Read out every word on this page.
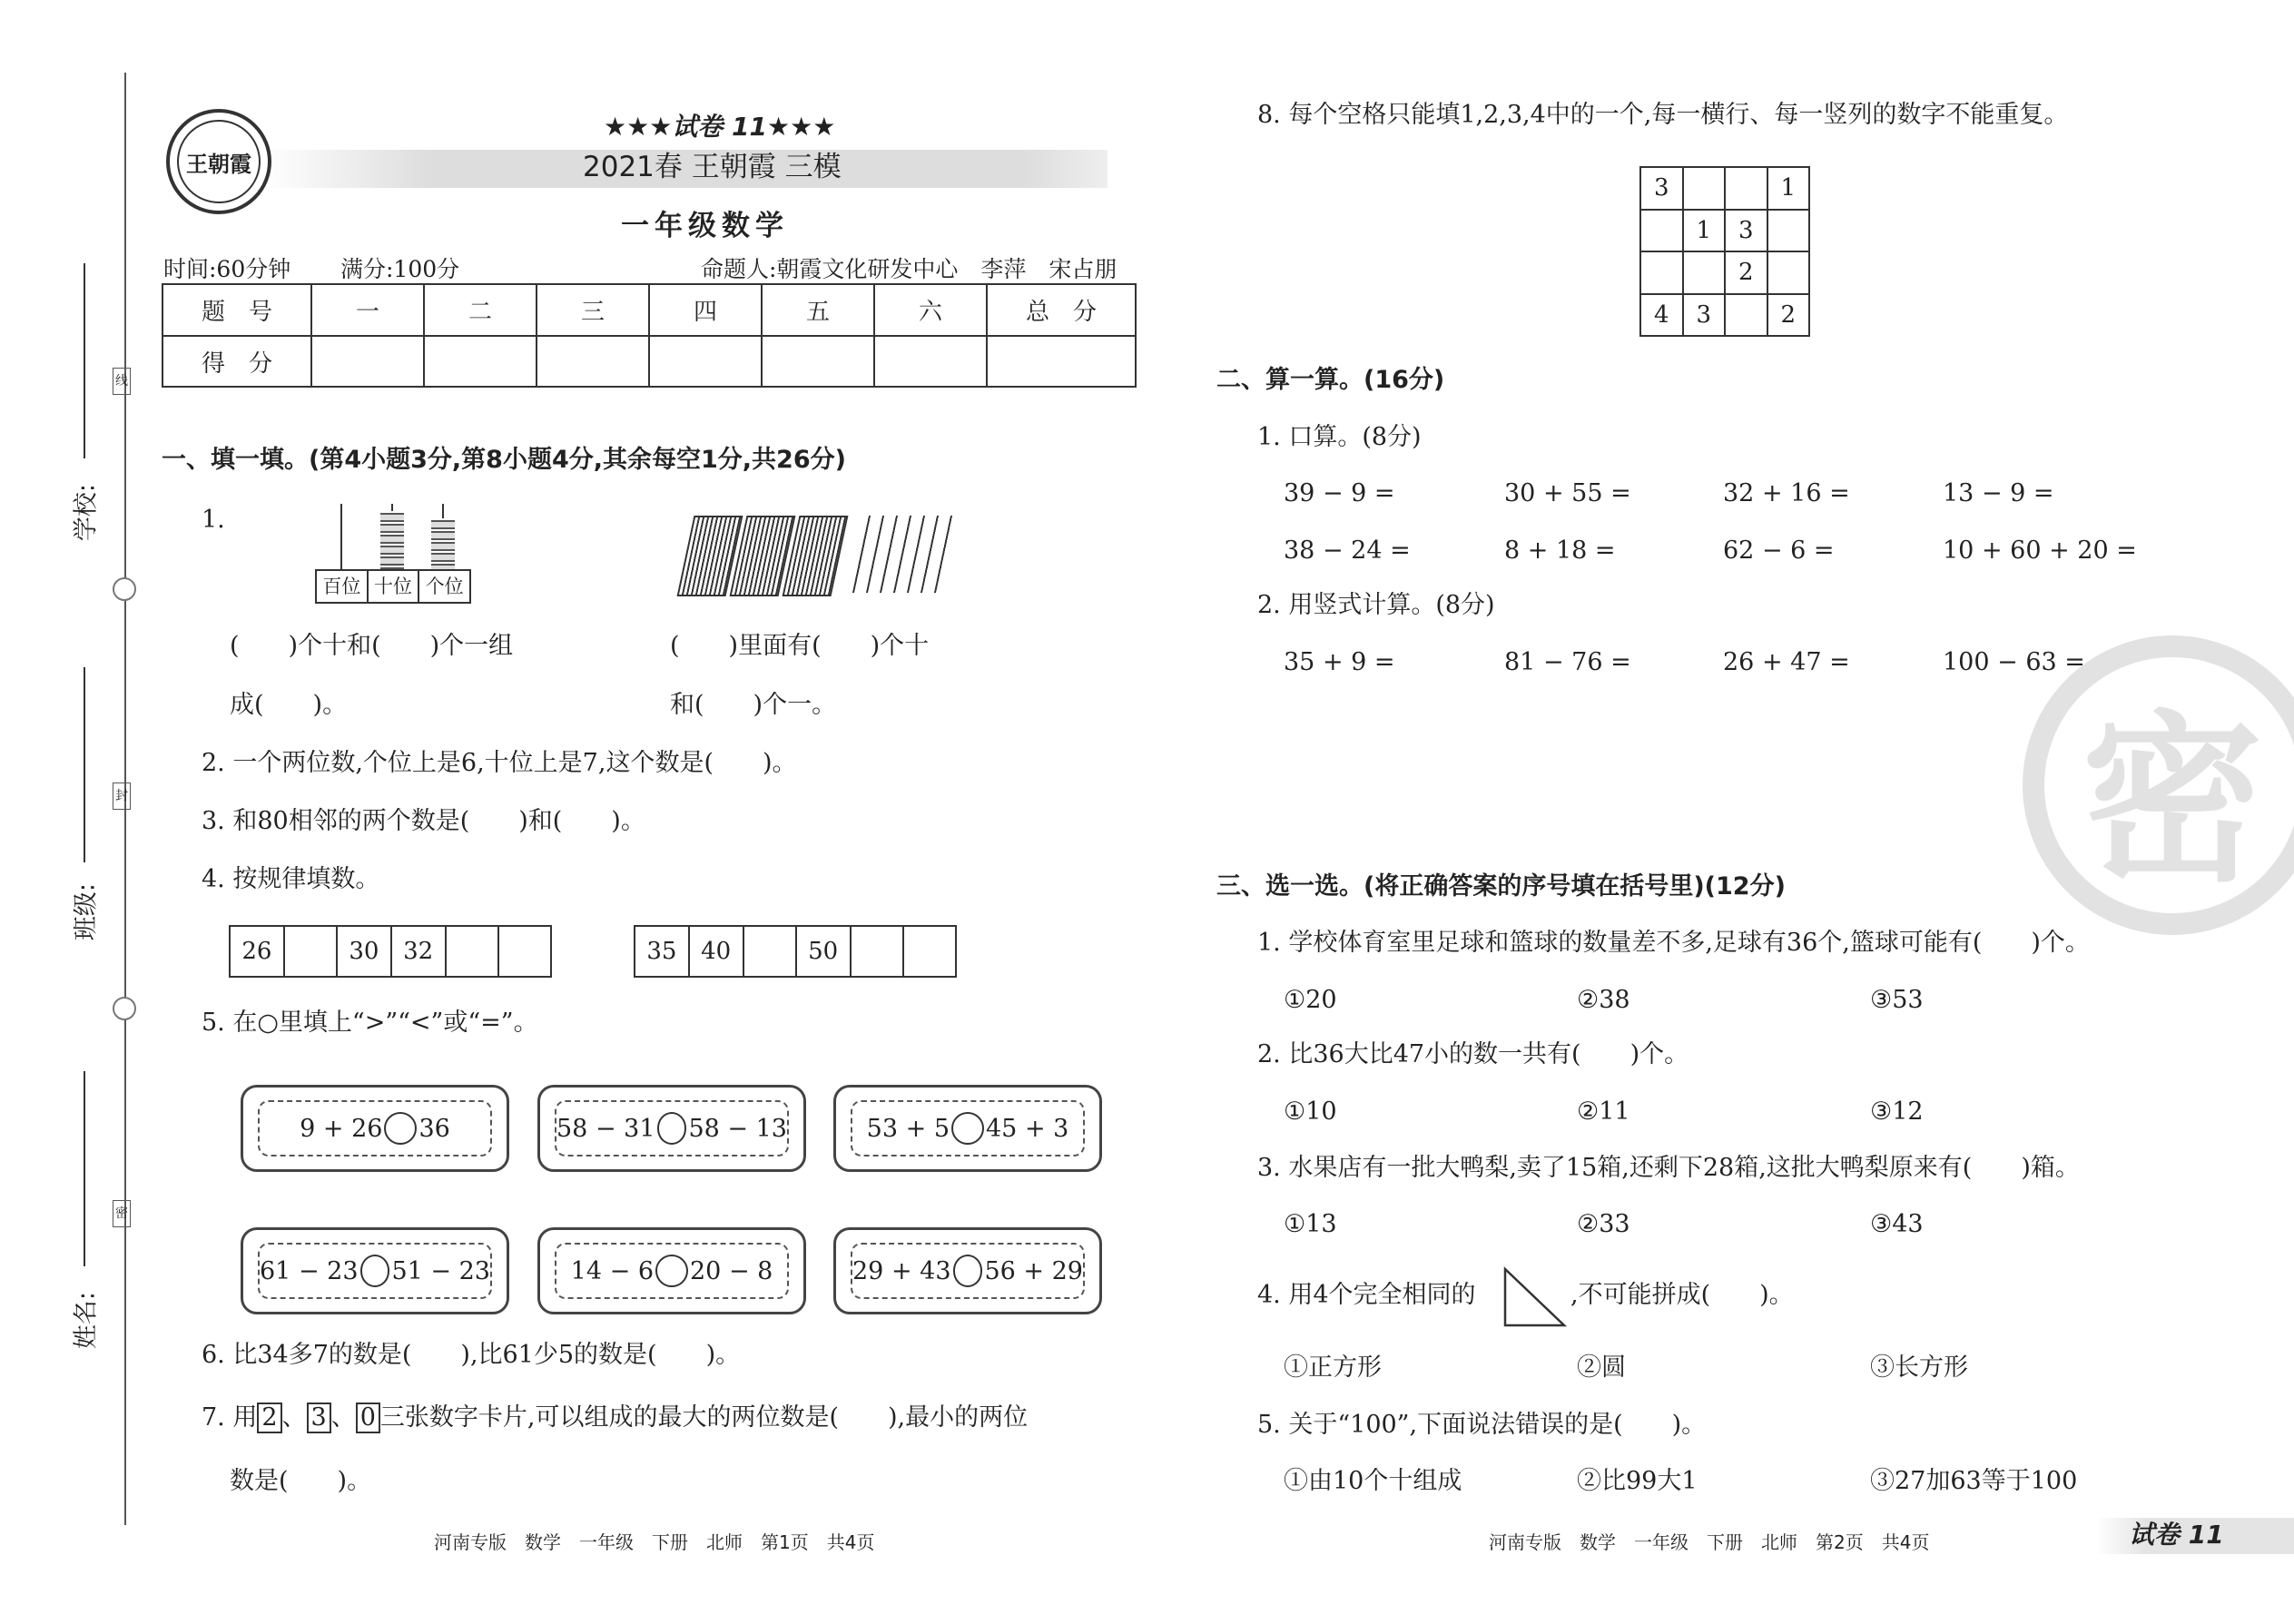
线
封
密
学校:
班级:
姓名:
王朝霞
★★★试卷 11★★★
2021春 王朝霞 三模
一年级数学
时间:60分钟 满分:100分	命题人:朝霞文化研发中心　李萍　宋占朋
题　号	一	二	三	四	五	六	总　分
得　分							
一、填一填。(第4小题3分,第8小题4分,其余每空1分,共26分)
1.
百位 十位 个位
(　　)个十和(　　)个一组
成(　　)。
(　　)里面有(　　)个十
和(　　)个一。
2. 一个两位数,个位上是6,十位上是7,这个数是(　　)。
3. 和80相邻的两个数是(　　)和(　　)。
4. 按规律填数。
26		30	32			35	40		50		
5. 在○里填上“>”“<”或“=”。
9 + 26 36	58 − 31 58 − 13	53 + 5 45 + 3
61 − 23 51 − 23	14 − 6 20 − 8	29 + 43 56 + 29
6. 比34多7的数是(　　),比61少5的数是(　　)。
7. 用 2 、 3 、 0 三张数字卡片,可以组成的最大的两位数是(　　),最小的两位
数是(　　)。
河南专版　数学　一年级　下册　北师　第1页　共4页
8. 每个空格只能填1,2,3,4中的一个,每一横行、每一竖列的数字不能重复。
3			1
	1	3	
		2	
4	3		2
二、算一算。(16分)
1. 口算。(8分)
39 − 9 =	30 + 55 =	32 + 16 =	13 − 9 =
38 − 24 =	8 + 18 =	62 − 6 =	10 + 60 + 20 =
2. 用竖式计算。(8分)
35 + 9 =	81 − 76 =	26 + 47 =	100 − 63 =
密
三、选一选。(将正确答案的序号填在括号里)(12分)
1. 学校体育室里足球和篮球的数量差不多,足球有36个,篮球可能有(　　)个。
①20	②38	③53
2. 比36大比47小的数一共有(　　)个。
①10	②11	③12
3. 水果店有一批大鸭梨,卖了15箱,还剩下28箱,这批大鸭梨原来有(　　)箱。
①13	②33	③43
4. 用4个完全相同的	,不可能拼成(　　)。
①正方形	②圆	③长方形
5. 关于“100”,下面说法错误的是(　　)。
①由10个十组成	②比99大1	③27加63等于100
河南专版　数学　一年级　下册　北师　第2页　共4页	试卷 11
